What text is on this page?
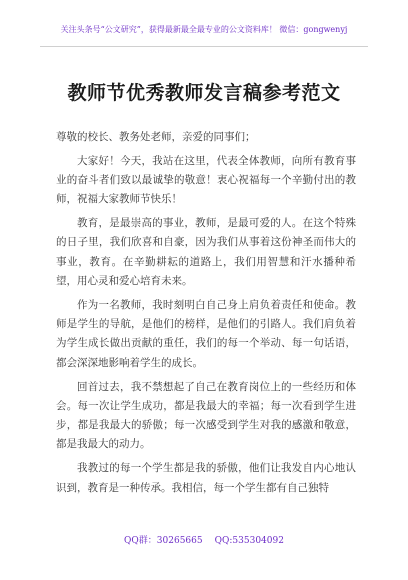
关注头条号“公文研究”，获得最新最全最专业的公文资料库！ 微信：gongwenyj
教师节优秀教师发言稿参考范文

尊敬的校长、教务处老师，亲爱的同事们；

大家好！今天，我站在这里，代表全体教师，向所有教育事业的奋斗者们致以最诚挚的敬意！衷心祝福每一个辛勤付出的教师，祝福大家教师节快乐！

教育，是最崇高的事业，教师，是最可爱的人。在这个特殊的日子里，我们欣喜和自豪，因为我们从事着这份神圣而伟大的事业，教育。在辛勤耕耘的道路上，我们用智慧和汗水播种希望，用心灵和爱心培育未来。

作为一名教师，我时刻明白自己身上肩负着责任和使命。教师是学生的导航，是他们的榜样，是他们的引路人。我们肩负着为学生成长做出贡献的重任，我们的每一个举动、每一句话语，都会深深地影响着学生的成长。

回首过去，我不禁想起了自己在教育岗位上的一些经历和体会。每一次让学生成功，都是我最大的幸福；每一次看到学生进步，都是我最大的骄傲；每一次感受到学生对我的感激和敬意，都是我最大的动力。

我教过的每一个学生都是我的骄傲，他们让我发自内心地认识到，教育是一种传承。我相信，每一个学生都有自己独特

QQ群：30265665 QQ:535304092
